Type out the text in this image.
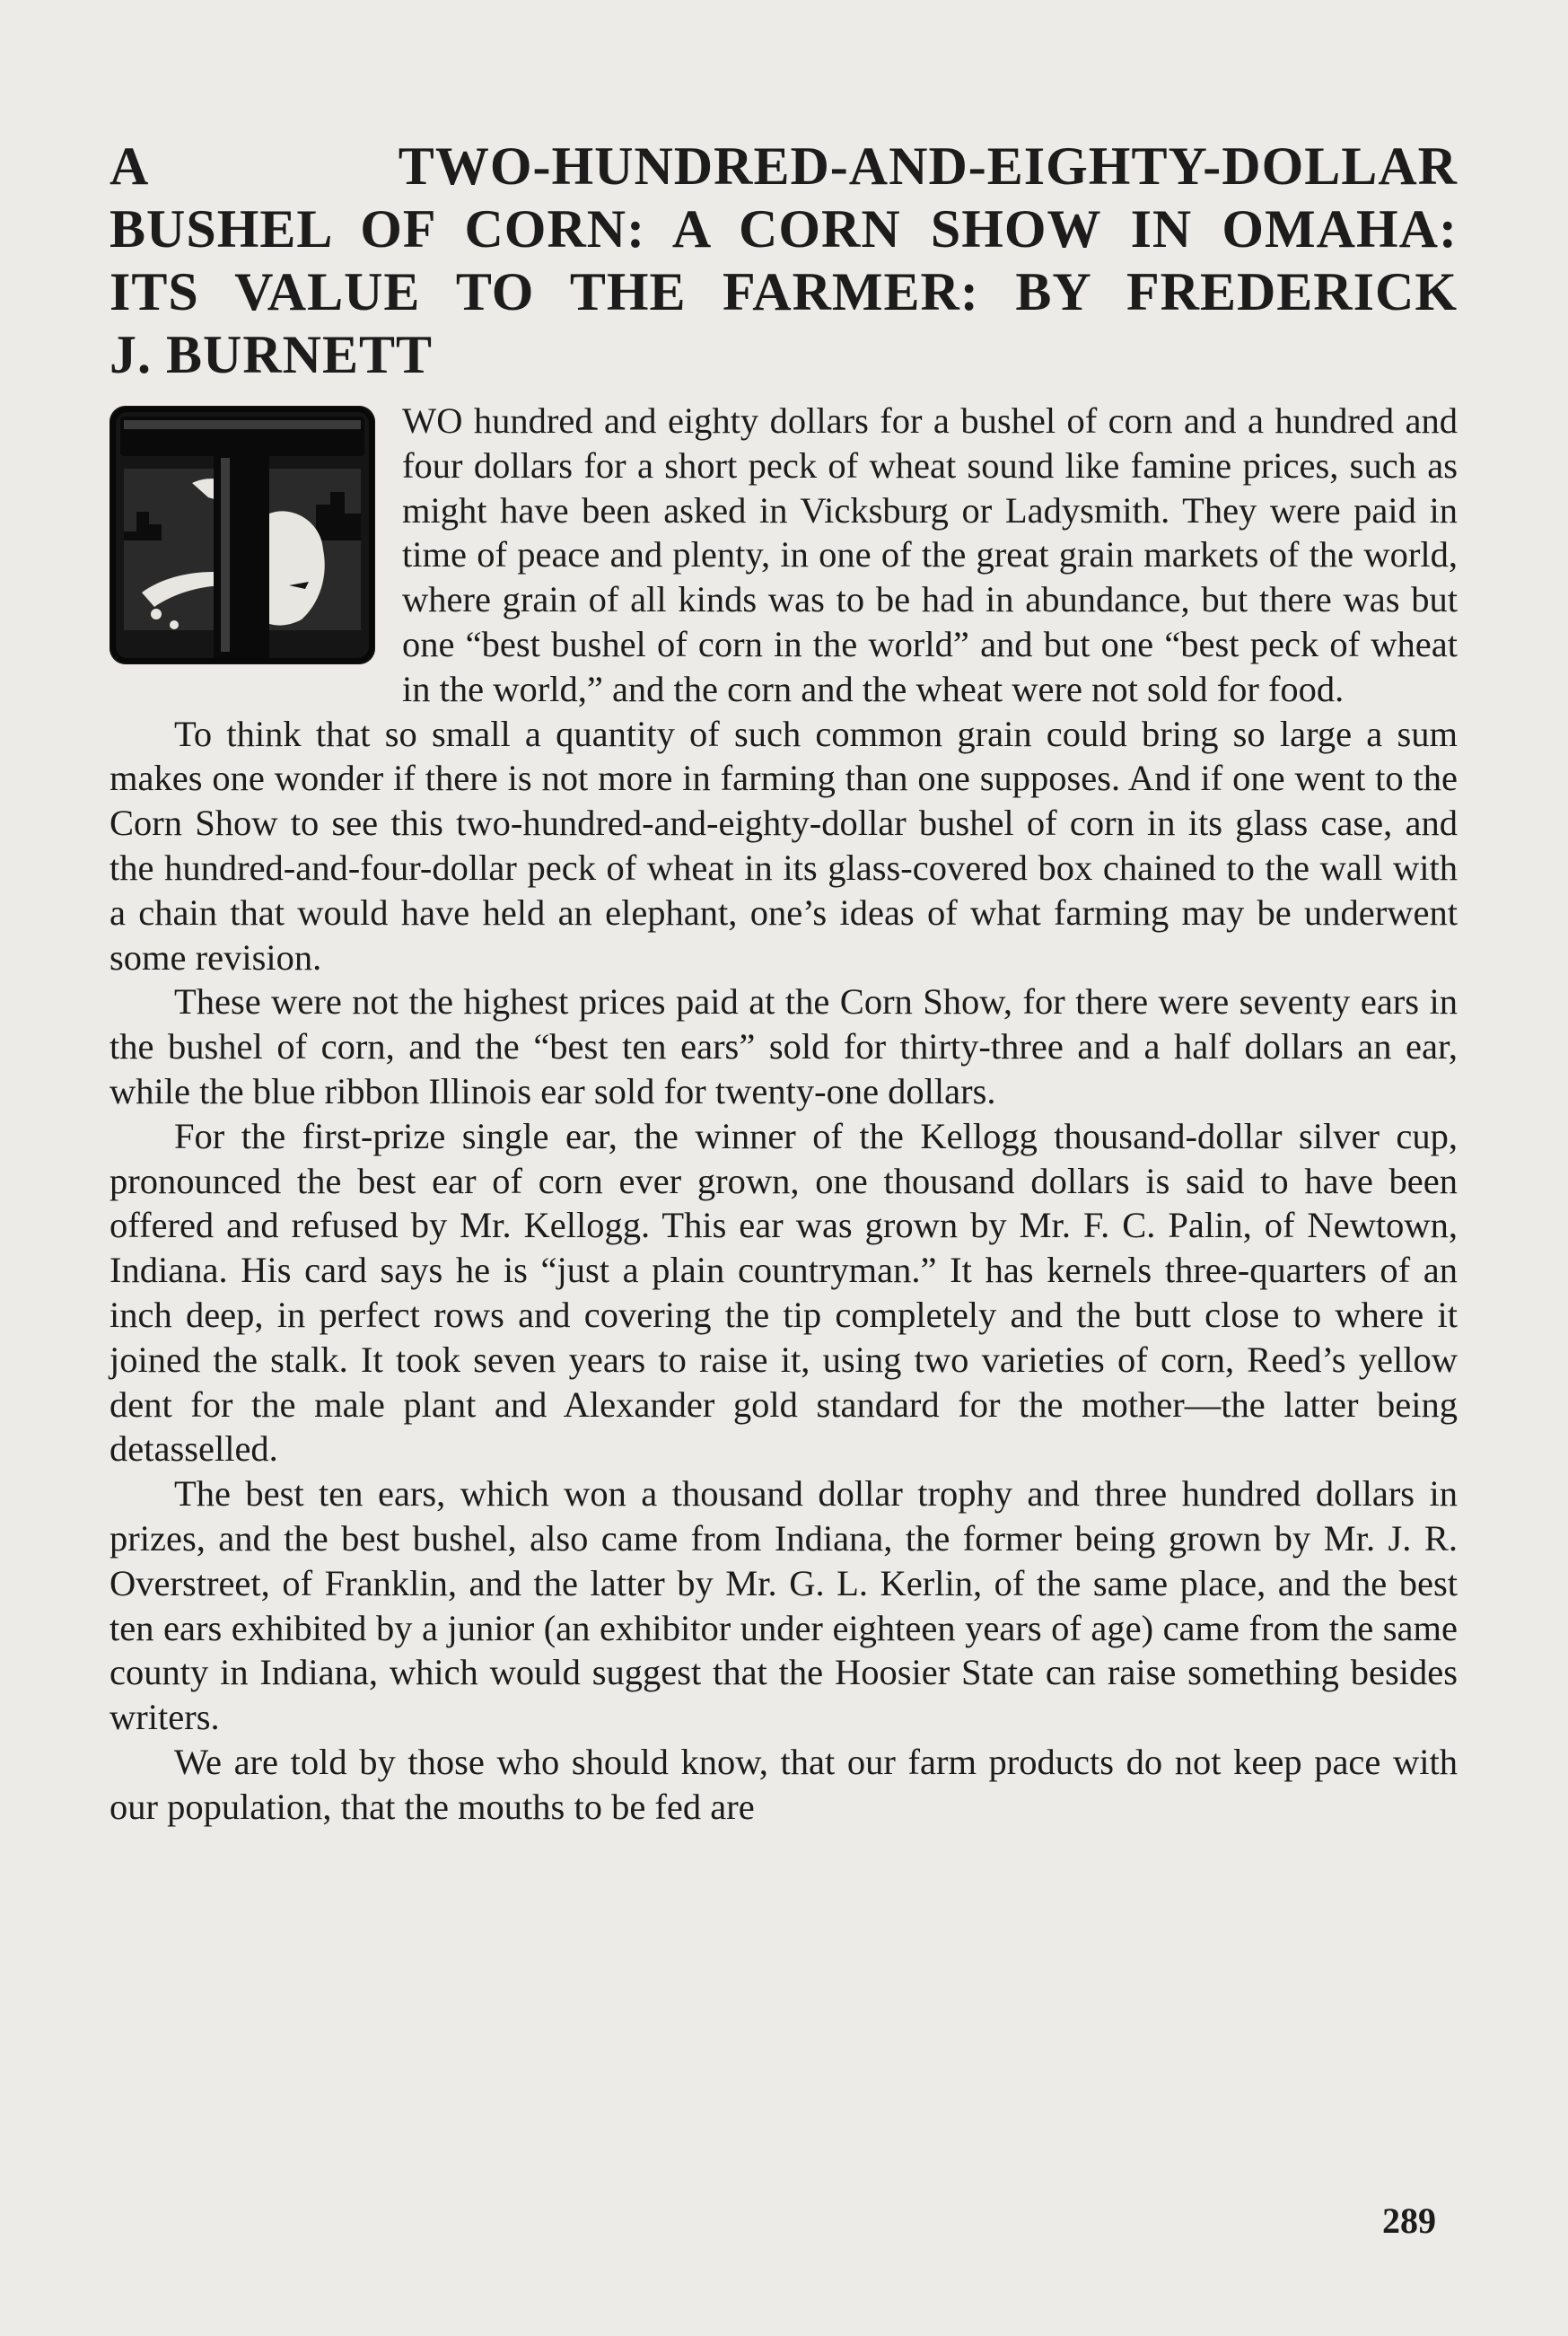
A TWO-HUNDRED-AND-EIGHTY-DOLLAR
BUSHEL OF CORN: A CORN SHOW IN OMAHA:
ITS VALUE TO THE FARMER: BY FREDERICK
J. BURNETT

WO hundred and eighty dollars for a bushel of corn and a hundred and four dollars for a short peck of wheat sound like famine prices, such as might have been asked in Vicksburg or Ladysmith. They were paid in time of peace and plenty, in one of the great grain markets of the world, where grain of all kinds was to be had in abundance, but there was but one “best bushel of corn in the world” and but one “best peck of wheat in the world,” and the corn and the wheat were not sold for food.

To think that so small a quantity of such common grain could bring so large a sum makes one wonder if there is not more in farming than one supposes. And if one went to the Corn Show to see this two-hundred-and-eighty-dollar bushel of corn in its glass case, and the hundred-and-four-dollar peck of wheat in its glass-covered box chained to the wall with a chain that would have held an elephant, one’s ideas of what farming may be underwent some revision.

These were not the highest prices paid at the Corn Show, for there were seventy ears in the bushel of corn, and the “best ten ears” sold for thirty-three and a half dollars an ear, while the blue ribbon Illinois ear sold for twenty-one dollars.

For the first-prize single ear, the winner of the Kellogg thousand-dollar silver cup, pronounced the best ear of corn ever grown, one thousand dollars is said to have been offered and refused by Mr. Kellogg. This ear was grown by Mr. F. C. Palin, of Newtown, Indiana. His card says he is “just a plain countryman.” It has kernels three-quarters of an inch deep, in perfect rows and covering the tip completely and the butt close to where it joined the stalk. It took seven years to raise it, using two varieties of corn, Reed’s yellow dent for the male plant and Alexander gold standard for the mother—the latter being detasselled.

The best ten ears, which won a thousand dollar trophy and three hundred dollars in prizes, and the best bushel, also came from Indiana, the former being grown by Mr. J. R. Overstreet, of Franklin, and the latter by Mr. G. L. Kerlin, of the same place, and the best ten ears exhibited by a junior (an exhibitor under eighteen years of age) came from the same county in Indiana, which would suggest that the Hoosier State can raise something besides writers.

We are told by those who should know, that our farm products do not keep pace with our population, that the mouths to be fed are

289
